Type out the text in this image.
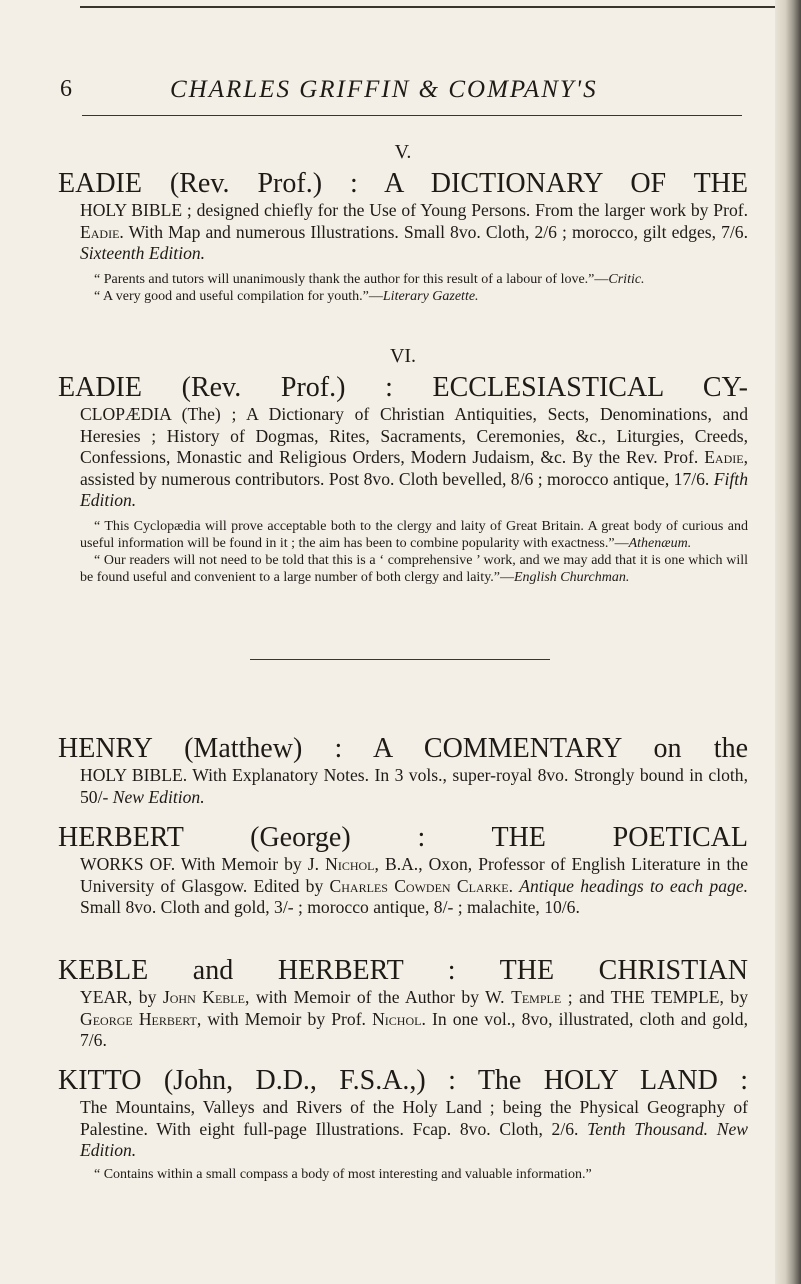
6	CHARLES GRIFFIN & COMPANY'S
V.
EADIE (Rev. Prof.) : A DICTIONARY OF THE
HOLY BIBLE ; designed chiefly for the Use of Young Persons. From the larger work by Prof. Eadie. With Map and numerous Illustrations. Small 8vo. Cloth, 2/6 ; morocco, gilt edges, 7/6. Sixteenth Edition.
“ Parents and tutors will unanimously thank the author for this result of a labour of love.”—Critic.
“ A very good and useful compilation for youth.”—Literary Gazette.
VI.
EADIE (Rev. Prof.) : ECCLESIASTICAL CY-
CLOPÆDIA (The) ; A Dictionary of Christian Antiquities, Sects, Denominations, and Heresies ; History of Dogmas, Rites, Sacraments, Ceremonies, &c., Liturgies, Creeds, Confessions, Monastic and Religious Orders, Modern Judaism, &c. By the Rev. Prof. Eadie, assisted by numerous contributors. Post 8vo. Cloth bevelled, 8/6 ; morocco antique, 17/6. Fifth Edition.
“ This Cyclopædia will prove acceptable both to the clergy and laity of Great Britain. A great body of curious and useful information will be found in it ; the aim has been to combine popularity with exactness.”—Athenæum.
“ Our readers will not need to be told that this is a ‘ comprehensive ’ work, and we may add that it is one which will be found useful and convenient to a large number of both clergy and laity.”—English Churchman.
HENRY (Matthew) : A COMMENTARY on the
HOLY BIBLE. With Explanatory Notes. In 3 vols., super-royal 8vo. Strongly bound in cloth, 50/- New Edition.
HERBERT (George) : THE POETICAL
WORKS OF. With Memoir by J. Nichol, B.A., Oxon, Professor of English Literature in the University of Glasgow. Edited by Charles Cowden Clarke. Antique headings to each page. Small 8vo. Cloth and gold, 3/- ; morocco antique, 8/- ; malachite, 10/6.
KEBLE and HERBERT : THE CHRISTIAN
YEAR, by John Keble, with Memoir of the Author by W. Temple ; and THE TEMPLE, by George Herbert, with Memoir by Prof. Nichol. In one vol., 8vo, illustrated, cloth and gold, 7/6.
KITTO (John, D.D., F.S.A.,) : The HOLY LAND :
The Mountains, Valleys and Rivers of the Holy Land ; being the Physical Geography of Palestine. With eight full-page Illustrations. Fcap. 8vo. Cloth, 2/6. Tenth Thousand. New Edition.
“ Contains within a small compass a body of most interesting and valuable information.”
